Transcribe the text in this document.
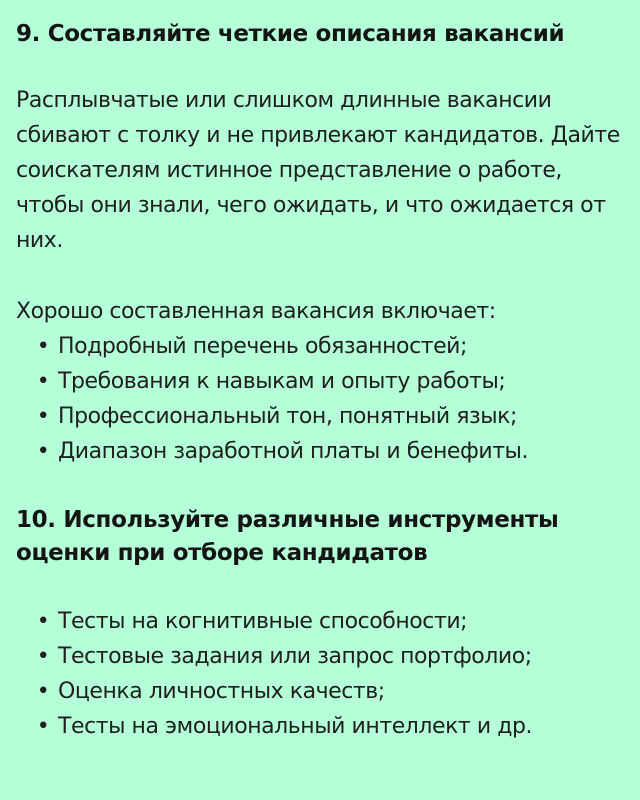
9. Составляйте четкие описания вакансий

Расплывчатые или слишком длинные вакансии сбивают с толку и не привлекают кандидатов. Дайте соискателям истинное представление о работе, чтобы они знали, чего ожидать, и что ожидается от них.

Хорошо составленная вакансия включает:

• Подробный перечень обязанностей;
• Требования к навыкам и опыту работы;
• Профессиональный тон, понятный язык;
• Диапазон заработной платы и бенефиты.
10. Используйте различные инструменты оценки при отборе кандидатов
• Тесты на когнитивные способности;
• Тестовые задания или запрос портфолио;
• Оценка личностных качеств;
• Тесты на эмоциональный интеллект и др.
